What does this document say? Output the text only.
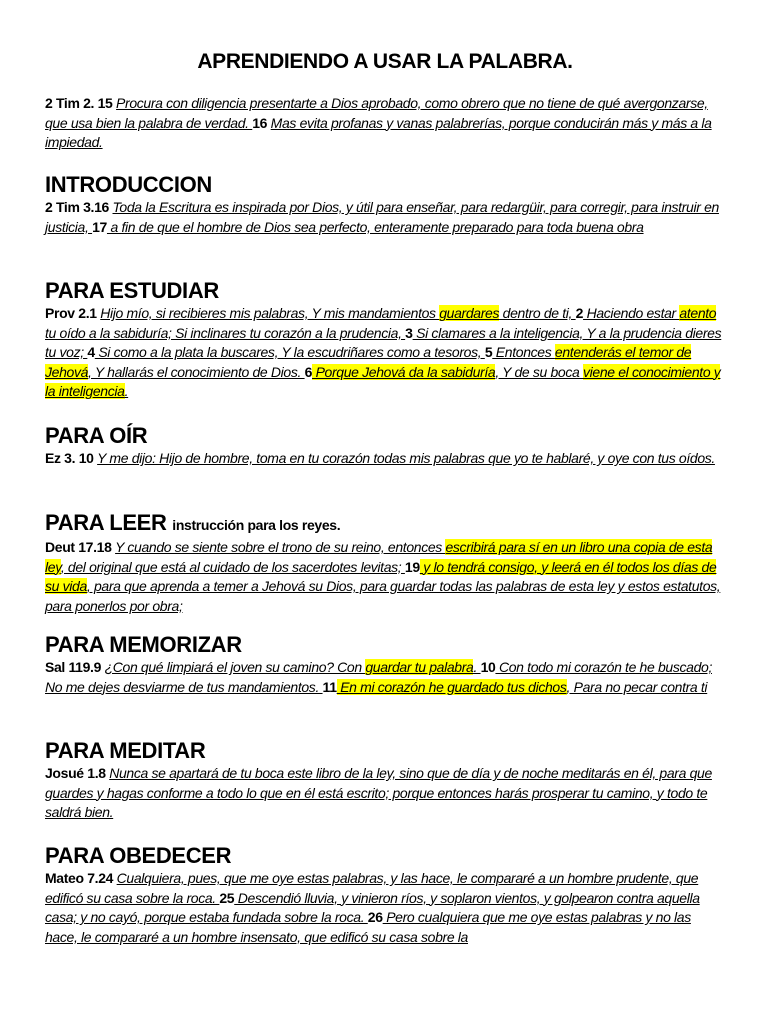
APRENDIENDO A USAR LA PALABRA.
2 Tim 2. 15 Procura con diligencia presentarte a Dios aprobado, como obrero que no tiene de qué avergonzarse, que usa bien la palabra de verdad. 16 Mas evita profanas y vanas palabrerías, porque conducirán más y más a la impiedad.
INTRODUCCION
2 Tim 3.16 Toda la Escritura es inspirada por Dios, y útil para enseñar, para redargüir, para corregir, para instruir en justicia, 17 a fin de que el hombre de Dios sea perfecto, enteramente preparado para toda buena obra
PARA ESTUDIAR
Prov 2.1 Hijo mío, si recibieres mis palabras, Y mis mandamientos guardares dentro de ti, 2 Haciendo estar atento tu oído a la sabiduría; Si inclinares tu corazón a la prudencia, 3 Si clamares a la inteligencia, Y a la prudencia dieres tu voz; 4 Si como a la plata la buscares, Y la escudriñares como a tesoros, 5 Entonces entenderás el temor de Jehová, Y hallarás el conocimiento de Dios. 6 Porque Jehová da la sabiduría, Y de su boca viene el conocimiento y la inteligencia.
PARA OÍR
Ez 3. 10 Y me dijo: Hijo de hombre, toma en tu corazón todas mis palabras que yo te hablaré, y oye con tus oídos.
PARA LEER instrucción para los reyes.
Deut 17.18 Y cuando se siente sobre el trono de su reino, entonces escribirá para sí en un libro una copia de esta ley, del original que está al cuidado de los sacerdotes levitas; 19 y lo tendrá consigo, y leerá en él todos los días de su vida, para que aprenda a temer a Jehová su Dios, para guardar todas las palabras de esta ley y estos estatutos, para ponerlos por obra;
PARA MEMORIZAR
Sal 119.9 ¿Con qué limpiará el joven su camino? Con guardar tu palabra. 10 Con todo mi corazón te he buscado; No me dejes desviarme de tus mandamientos. 11 En mi corazón he guardado tus dichos, Para no pecar contra ti
PARA MEDITAR
Josué 1.8 Nunca se apartará de tu boca este libro de la ley, sino que de día y de noche meditarás en él, para que guardes y hagas conforme a todo lo que en él está escrito; porque entonces harás prosperar tu camino, y todo te saldrá bien.
PARA OBEDECER
Mateo 7.24 Cualquiera, pues, que me oye estas palabras, y las hace, le compararé a un hombre prudente, que edificó su casa sobre la roca. 25 Descendió lluvia, y vinieron ríos, y soplaron vientos, y golpearon contra aquella casa; y no cayó, porque estaba fundada sobre la roca. 26 Pero cualquiera que me oye estas palabras y no las hace, le compararé a un hombre insensato, que edificó su casa sobre la
